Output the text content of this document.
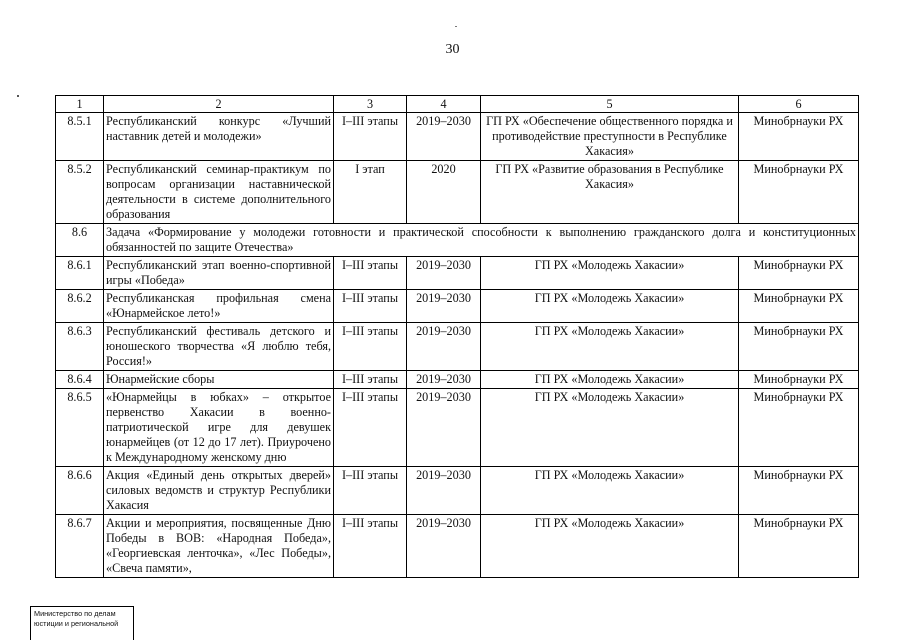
30
1	2	3	4	5	6
8.5.1	Республиканский конкурс «Лучший наставник детей и молодежи»	I–III этапы	2019–2030	ГП РХ «Обеспечение общественного порядка и противодействие преступности в Республике Хакасия»	Минобрнауки РХ
8.5.2	Республиканский семинар-практикум по вопросам организации наставнической деятельности в системе дополнительного образования	I этап	2020	ГП РХ «Развитие образования в Республике Хакасия»	Минобрнауки РХ
8.6	Задача «Формирование у молодежи готовности и практической способности к выполнению гражданского долга и конституционных обязанностей по защите Отечества»				
8.6.1	Республиканский этап военно-спортивной игры «Победа»	I–III этапы	2019–2030	ГП РХ «Молодежь Хакасии»	Минобрнауки РХ
8.6.2	Республиканская профильная смена «Юнармейское лето!»	I–III этапы	2019–2030	ГП РХ «Молодежь Хакасии»	Минобрнауки РХ
8.6.3	Республиканский фестиваль детского и юношеского творчества «Я люблю тебя, Россия!»	I–III этапы	2019–2030	ГП РХ «Молодежь Хакасии»	Минобрнауки РХ
8.6.4	Юнармейские сборы	I–III этапы	2019–2030	ГП РХ «Молодежь Хакасии»	Минобрнауки РХ
8.6.5	«Юнармейцы в юбках» – открытое первенство Хакасии в военно-патриотической игре для девушек юнармейцев (от 12 до 17 лет). Приурочено к Международному женскому дню	I–III этапы	2019–2030	ГП РХ «Молодежь Хакасии»	Минобрнауки РХ
8.6.6	Акция «Единый день открытых дверей» силовых ведомств и структур Республики Хакасия	I–III этапы	2019–2030	ГП РХ «Молодежь Хакасии»	Минобрнауки РХ
8.6.7	Акции и мероприятия, посвященные Дню Победы в ВОВ: «Народная Победа», «Георгиевская ленточка», «Лес Победы», «Свеча памяти»,	I–III этапы	2019–2030	ГП РХ «Молодежь Хакасии»	Минобрнауки РХ
Министерство по делам
юстиции и региональной
